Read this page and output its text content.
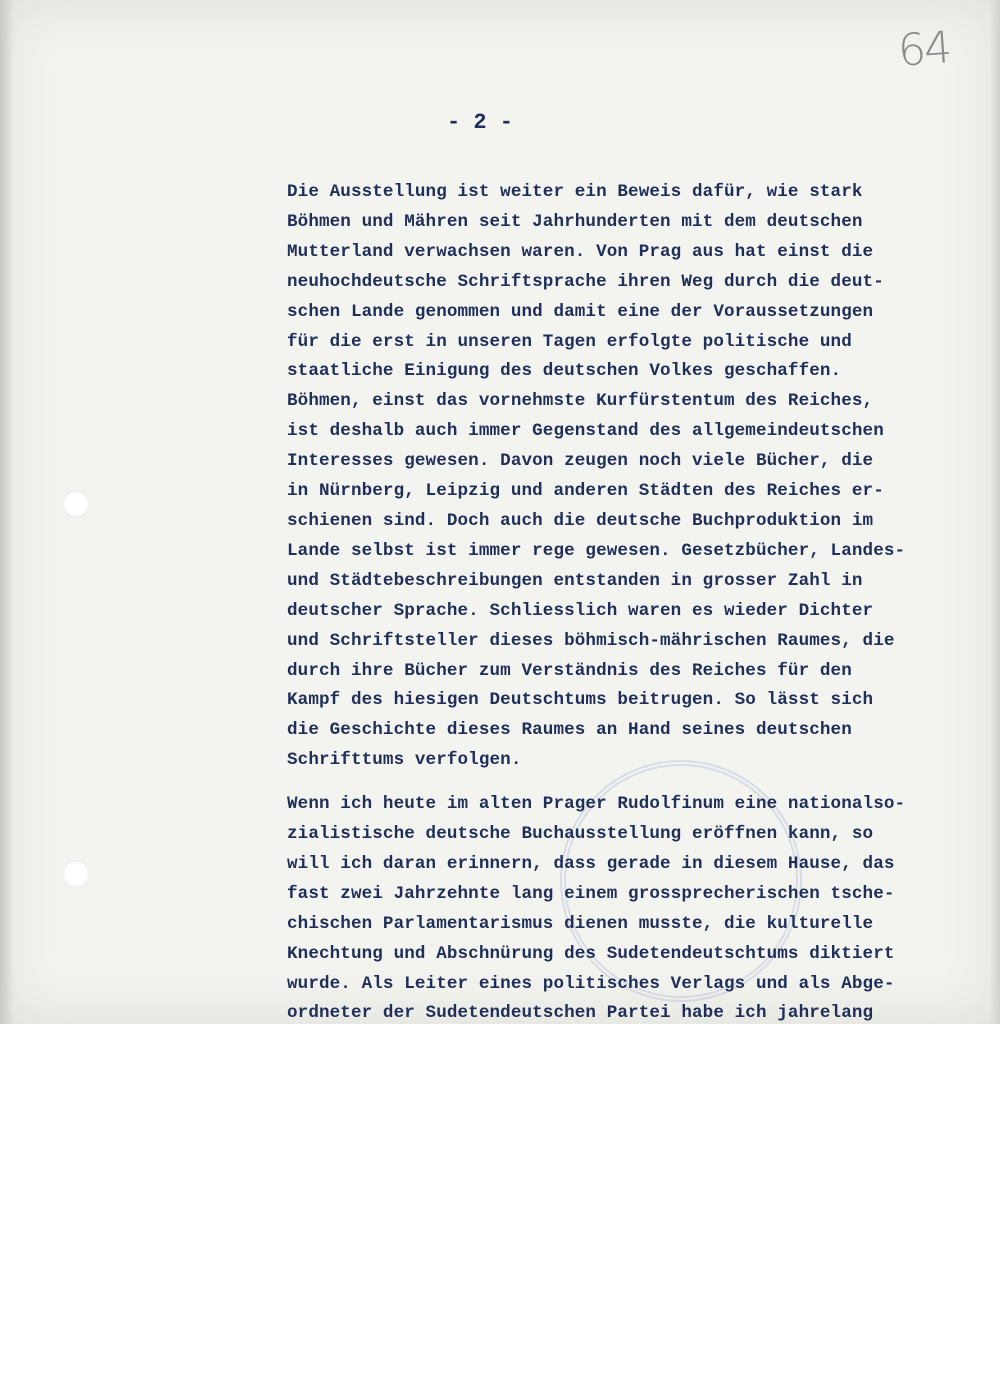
64
- 2 -

Die Ausstellung ist weiter ein Beweis dafür, wie stark
Böhmen und Mähren seit Jahrhunderten mit dem deutschen
Mutterland verwachsen waren. Von Prag aus hat einst die
neuhochdeutsche Schriftsprache ihren Weg durch die deut-
schen Lande genommen und damit eine der Voraussetzungen
für die erst in unseren Tagen erfolgte politische und
staatliche Einigung des deutschen Volkes geschaffen.
Böhmen, einst das vornehmste Kurfürstentum des Reiches,
ist deshalb auch immer Gegenstand des allgemeindeutschen
Interesses gewesen. Davon zeugen noch viele Bücher, die
in Nürnberg, Leipzig und anderen Städten des Reiches er-
schienen sind. Doch auch die deutsche Buchproduktion im
Lande selbst ist immer rege gewesen. Gesetzbücher, Landes-
und Städtebeschreibungen entstanden in grosser Zahl in
deutscher Sprache. Schliesslich waren es wieder Dichter
und Schriftsteller dieses böhmisch-mährischen Raumes, die
durch ihre Bücher zum Verständnis des Reiches für den
Kampf des hiesigen Deutschtums beitrugen. So lässt sich
die Geschichte dieses Raumes an Hand seines deutschen
Schrifttums verfolgen.

Wenn ich heute im alten Prager Rudolfinum eine nationalso-
zialistische deutsche Buchausstellung eröffnen kann, so
will ich daran erinnern, dass gerade in diesem Hause, das
fast zwei Jahrzehnte lang einem grossprecherischen tsche-
chischen Parlamentarismus dienen musste, die kulturelle
Knechtung und Abschnürung des Sudetendeutschtums diktiert
wurde. Als Leiter eines politisches Verlags und als Abge-
ordneter der Sudetendeutschen Partei habe ich jahrelang
